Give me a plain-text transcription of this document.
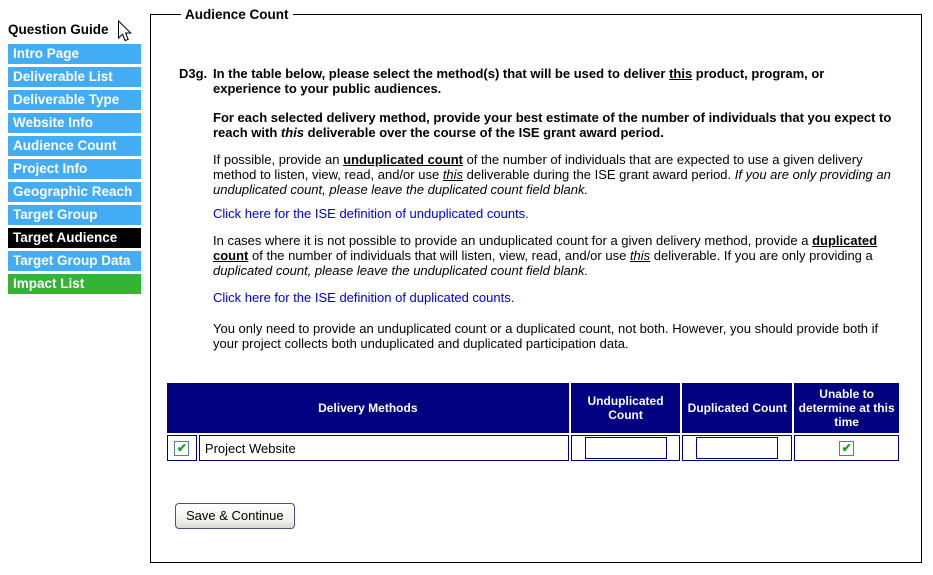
Question Guide
Intro Page
Deliverable List
Deliverable Type
Website Info
Audience Count
Project Info
Geographic Reach
Target Group
Target Audience
Target Group Data
Impact List
Audience Count
D3g. In the table below, please select the method(s) that will be used to deliver this product, program, or experience to your public audiences.

For each selected delivery method, provide your best estimate of the number of individuals that you expect to reach with this deliverable over the course of the ISE grant award period.

If possible, provide an unduplicated count of the number of individuals that are expected to use a given delivery method to listen, view, read, and/or use this deliverable during the ISE grant award period. If you are only providing an unduplicated count, please leave the duplicated count field blank.

Click here for the ISE definition of unduplicated counts.

In cases where it is not possible to provide an unduplicated count for a given delivery method, provide a duplicated count of the number of individuals that will listen, view, read, and/or use this deliverable. If you are only providing a duplicated count, please leave the unduplicated count field blank.

Click here for the ISE definition of duplicated counts.

You only need to provide an unduplicated count or a duplicated count, not both. However, you should provide both if your project collects both unduplicated and duplicated participation data.

Delivery Methods		Unduplicated Count	Duplicated Count	Unable to determine at this time
✔	Project Website			✔
Save & Continue
